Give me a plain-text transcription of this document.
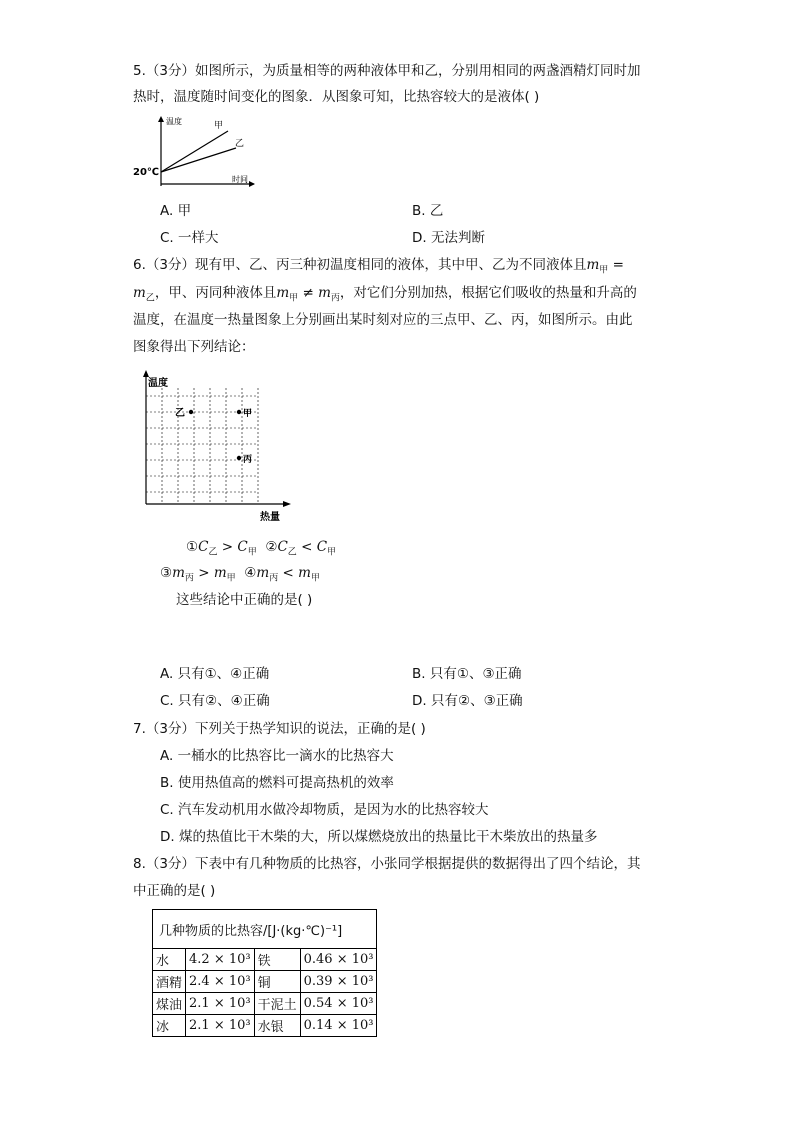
5.（3分）如图所示，为质量相等的两种液体甲和乙，分别用相同的两盏酒精灯同时加
热时，温度随时间变化的图象．从图象可知，比热容较大的是液体( )
温度	甲
乙
20℃
时间
A. 甲	B. 乙
C. 一样大	D. 无法判断
6.（3分）现有甲、乙、丙三种初温度相同的液体，其中甲、乙为不同液体且$m_甲$ =
$m_乙$，甲、丙同种液体且$m_甲 \ne m_丙$，对它们分别加热，根据它们吸收的热量和升高的
温度，在温度一热量图象上分别画出某时刻对应的三点甲、乙、丙，如图所示。由此
图象得出下列结论：
温度
乙	甲
丙
热量
$①C_乙 > C_甲$ $②C_乙 < C_甲$
$③m_丙 > m_甲$ $④m_丙 < m_甲$
这些结论中正确的是( )
A. 只有①、④正确	B. 只有①、③正确
C. 只有②、④正确	D. 只有②、③正确
7.（3分）下列关于热学知识的说法，正确的是( )
A. 一桶水的比热容比一滴水的比热容大
B. 使用热值高的燃料可提高热机的效率
C. 汽车发动机用水做冷却物质，是因为水的比热容较大
D. 煤的热值比干木柴的大，所以煤燃烧放出的热量比干木柴放出的热量多
8.（3分）下表中有几种物质的比热容，小张同学根据提供的数据得出了四个结论，其
中正确的是( )
几种物质的比热容/[J·(kg·℃)⁻¹]			
水	4.2 × 10³	铁	0.46 × 10³
酒精	2.4 × 10³	铜	0.39 × 10³
煤油	2.1 × 10³	干泥土	0.54 × 10³
冰	2.1 × 10³	水银	0.14 × 10³
